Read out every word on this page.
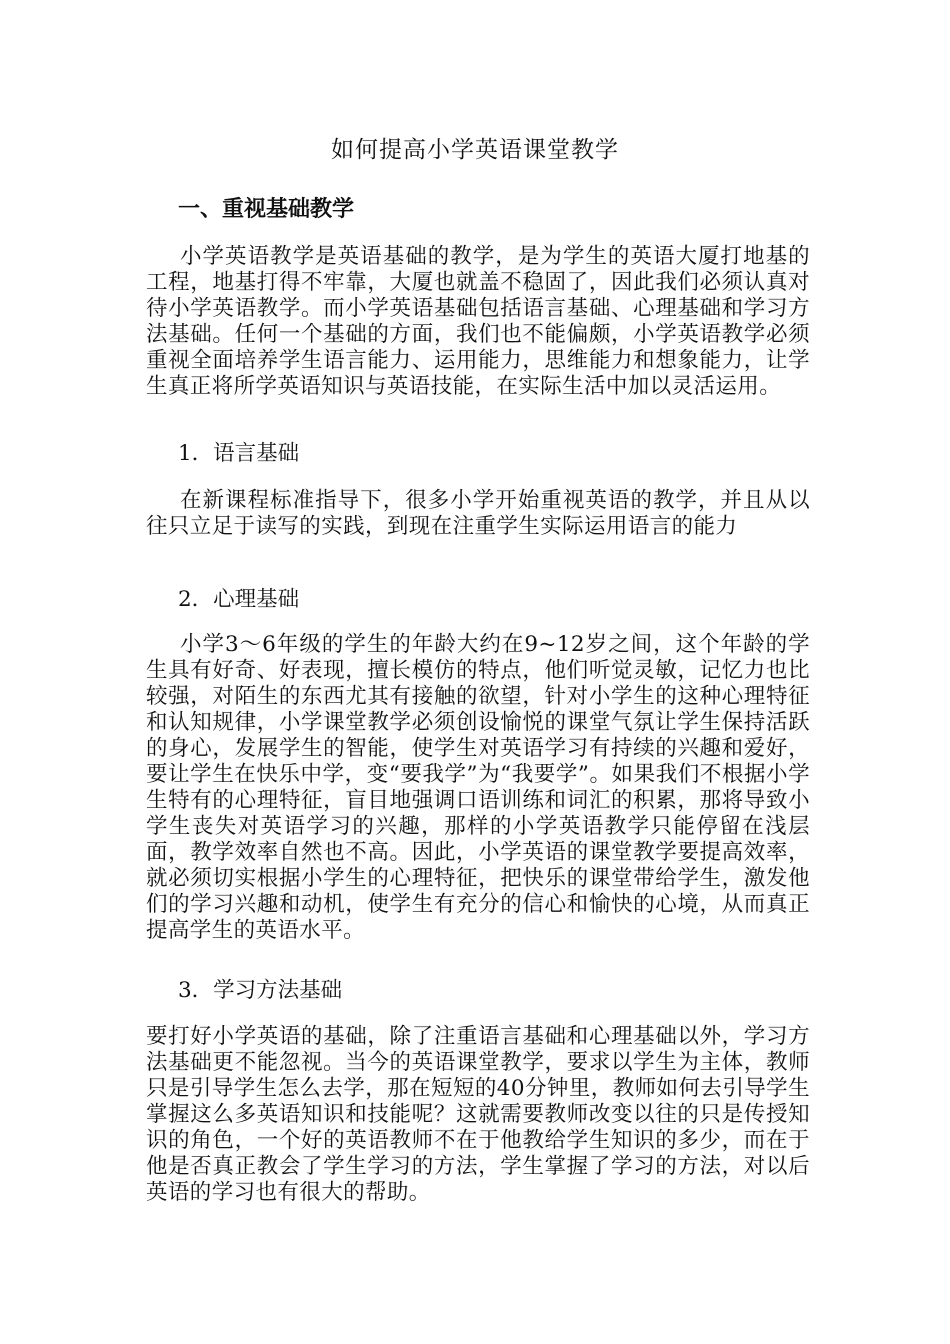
如何提高小学英语课堂教学
一、重视基础教学
小学英语教学是英语基础的教学，是为学生的英语大厦打地基的工程，地基打得不牢靠，大厦也就盖不稳固了，因此我们必须认真对待小学英语教学。而小学英语基础包括语言基础、心理基础和学习方法基础。任何一个基础的方面，我们也不能偏颇，小学英语教学必须重视全面培养学生语言能力、运用能力，思维能力和想象能力，让学生真正将所学英语知识与英语技能，在实际生活中加以灵活运用。
1．语言基础
在新课程标准指导下，很多小学开始重视英语的教学，并且从以往只立足于读写的实践，到现在注重学生实际运用语言的能力
2．心理基础
小学3～6年级的学生的年龄大约在9~12岁之间，这个年龄的学生具有好奇、好表现，擅长模仿的特点，他们听觉灵敏，记忆力也比较强，对陌生的东西尤其有接触的欲望，针对小学生的这种心理特征和认知规律，小学课堂教学必须创设愉悦的课堂气氛让学生保持活跃的身心，发展学生的智能，使学生对英语学习有持续的兴趣和爱好，要让学生在快乐中学，变“要我学”为“我要学”。如果我们不根据小学生特有的心理特征，盲目地强调口语训练和词汇的积累，那将导致小学生丧失对英语学习的兴趣，那样的小学英语教学只能停留在浅层面，教学效率自然也不高。因此，小学英语的课堂教学要提高效率，就必须切实根据小学生的心理特征，把快乐的课堂带给学生，激发他们的学习兴趣和动机，使学生有充分的信心和愉快的心境，从而真正提高学生的英语水平。
3．学习方法基础
要打好小学英语的基础，除了注重语言基础和心理基础以外，学习方法基础更不能忽视。当今的英语课堂教学，要求以学生为主体，教师只是引导学生怎么去学，那在短短的40分钟里，教师如何去引导学生掌握这么多英语知识和技能呢？这就需要教师改变以往的只是传授知识的角色，一个好的英语教师不在于他教给学生知识的多少，而在于他是否真正教会了学生学习的方法，学生掌握了学习的方法，对以后英语的学习也有很大的帮助。
